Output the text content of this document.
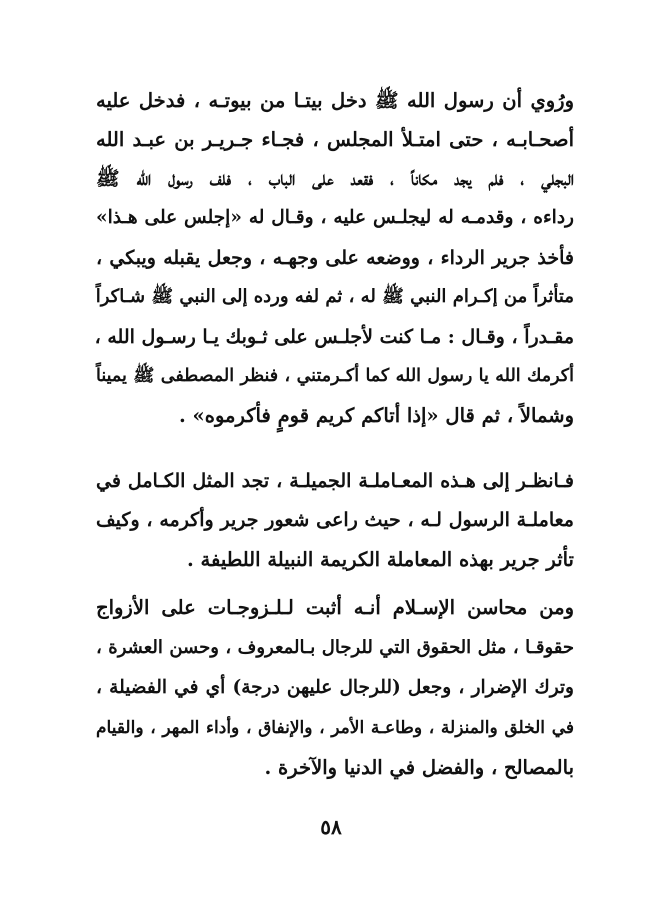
ورُوي أن رسول الله ﷺ دخل بيتـا من بيوتـه ، فدخل عليه
أصحـابـه ، حتى امتـلأ المجلس ، فجـاء جـريـر بن عبـد الله
البجلي ، فلم يجد مكاناً ، فقعد على الباب ، فلف رسول الله ﷺ
رداءه ، وقدمـه له ليجلـس عليه ، وقـال له «إجلس على هـذا»
فأخذ جرير الرداء ، ووضعه على وجهـه ، وجعل يقبله ويبكي ،
متأثراً من إكـرام النبي ﷺ له ، ثم لفه ورده إلى النبي ﷺ شـاكراً
مقـدراً ، وقـال : مـا كنت لأجلـس على ثـوبك يـا رسـول الله ،
أكرمك الله يا رسول الله كما أكـرمتني ، فنظر المصطفى ﷺ يميناً
وشمالاً ، ثم قال «إذا أتاكم كريم قومٍ فأكرموه» .
فـانظـر إلى هـذه المعـاملـة الجميلـة ، تجد المثل الكـامل في
معاملـة الرسول لـه ، حيث راعى شعور جرير وأكرمه ، وكيف
تأثر جرير بهذه المعاملة الكريمة النبيلة اللطيفة .
ومن محاسن الإسـلام أنـه أثبت لـلـزوجـات على الأزواج
حقوقـا ، مثل الحقوق التي للرجال بـالمعروف ، وحسن العشرة ،
وترك الإضرار ، وجعل (للرجال عليهن درجة) أي في الفضيلة ،
في الخلق والمنزلة ، وطاعـة الأمر ، والإنفاق ، وأداء المهر ، والقيام
بالمصالح ، والفضل في الدنيا والآخرة .
٥٨
